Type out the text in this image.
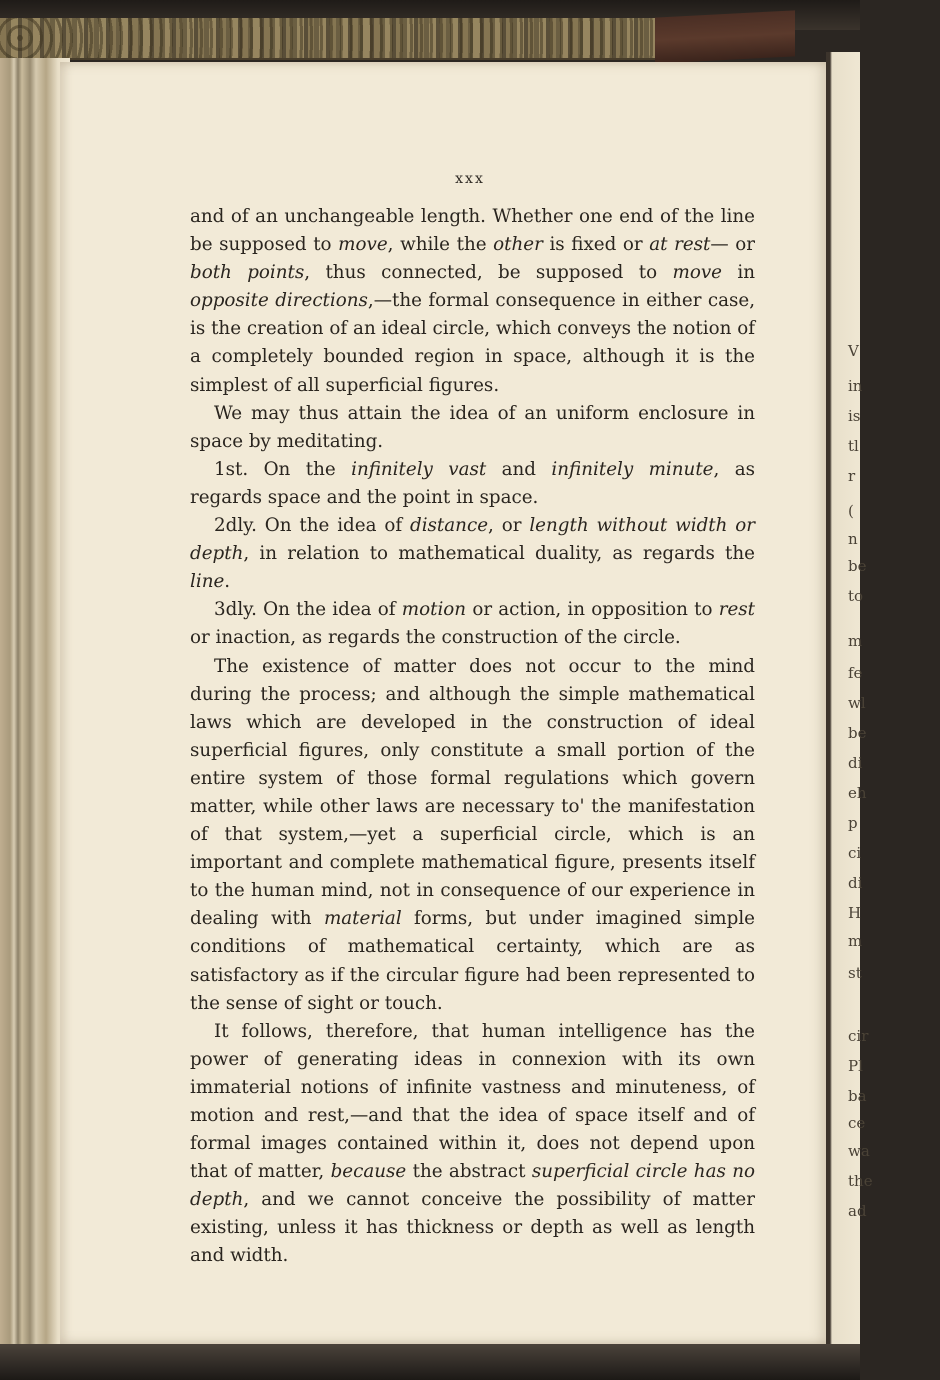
V
in
is
tl
r
(
n
be
to
m
fe
wl
be
di
eh
p
ci
di
H
m
st
cir
Pl
ba
ce
wa
the
ad
xxx

and of an unchangeable length. Whether one end of the line be supposed to move, while the other is fixed or at rest— or both points, thus connected, be supposed to move in opposite directions,—the formal consequence in either case, is the creation of an ideal circle, which conveys the notion of a completely bounded region in space, although it is the simplest of all superficial figures.

We may thus attain the idea of an uniform enclosure in space by meditating.

1st. On the infinitely vast and infinitely minute, as regards space and the point in space.

2dly. On the idea of distance, or length without width or depth, in relation to mathematical duality, as regards the line.

3dly. On the idea of motion or action, in opposition to rest or inaction, as regards the construction of the circle.

The existence of matter does not occur to the mind during the process; and although the simple mathematical laws which are developed in the construction of ideal superficial figures, only constitute a small portion of the entire system of those formal regulations which govern matter, while other laws are necessary to' the manifestation of that system,—yet a superficial circle, which is an important and complete mathematical figure, presents itself to the human mind, not in consequence of our experience in dealing with material forms, but under imagined simple conditions of mathematical certainty, which are as satisfactory as if the circular figure had been represented to the sense of sight or touch.

It follows, therefore, that human intelligence has the power of generating ideas in connexion with its own immaterial notions of infinite vastness and minuteness, of motion and rest,—and that the idea of space itself and of formal images contained within it, does not depend upon that of matter, because the abstract superficial circle has no depth, and we cannot conceive the possibility of matter existing, unless it has thickness or depth as well as length and width.
